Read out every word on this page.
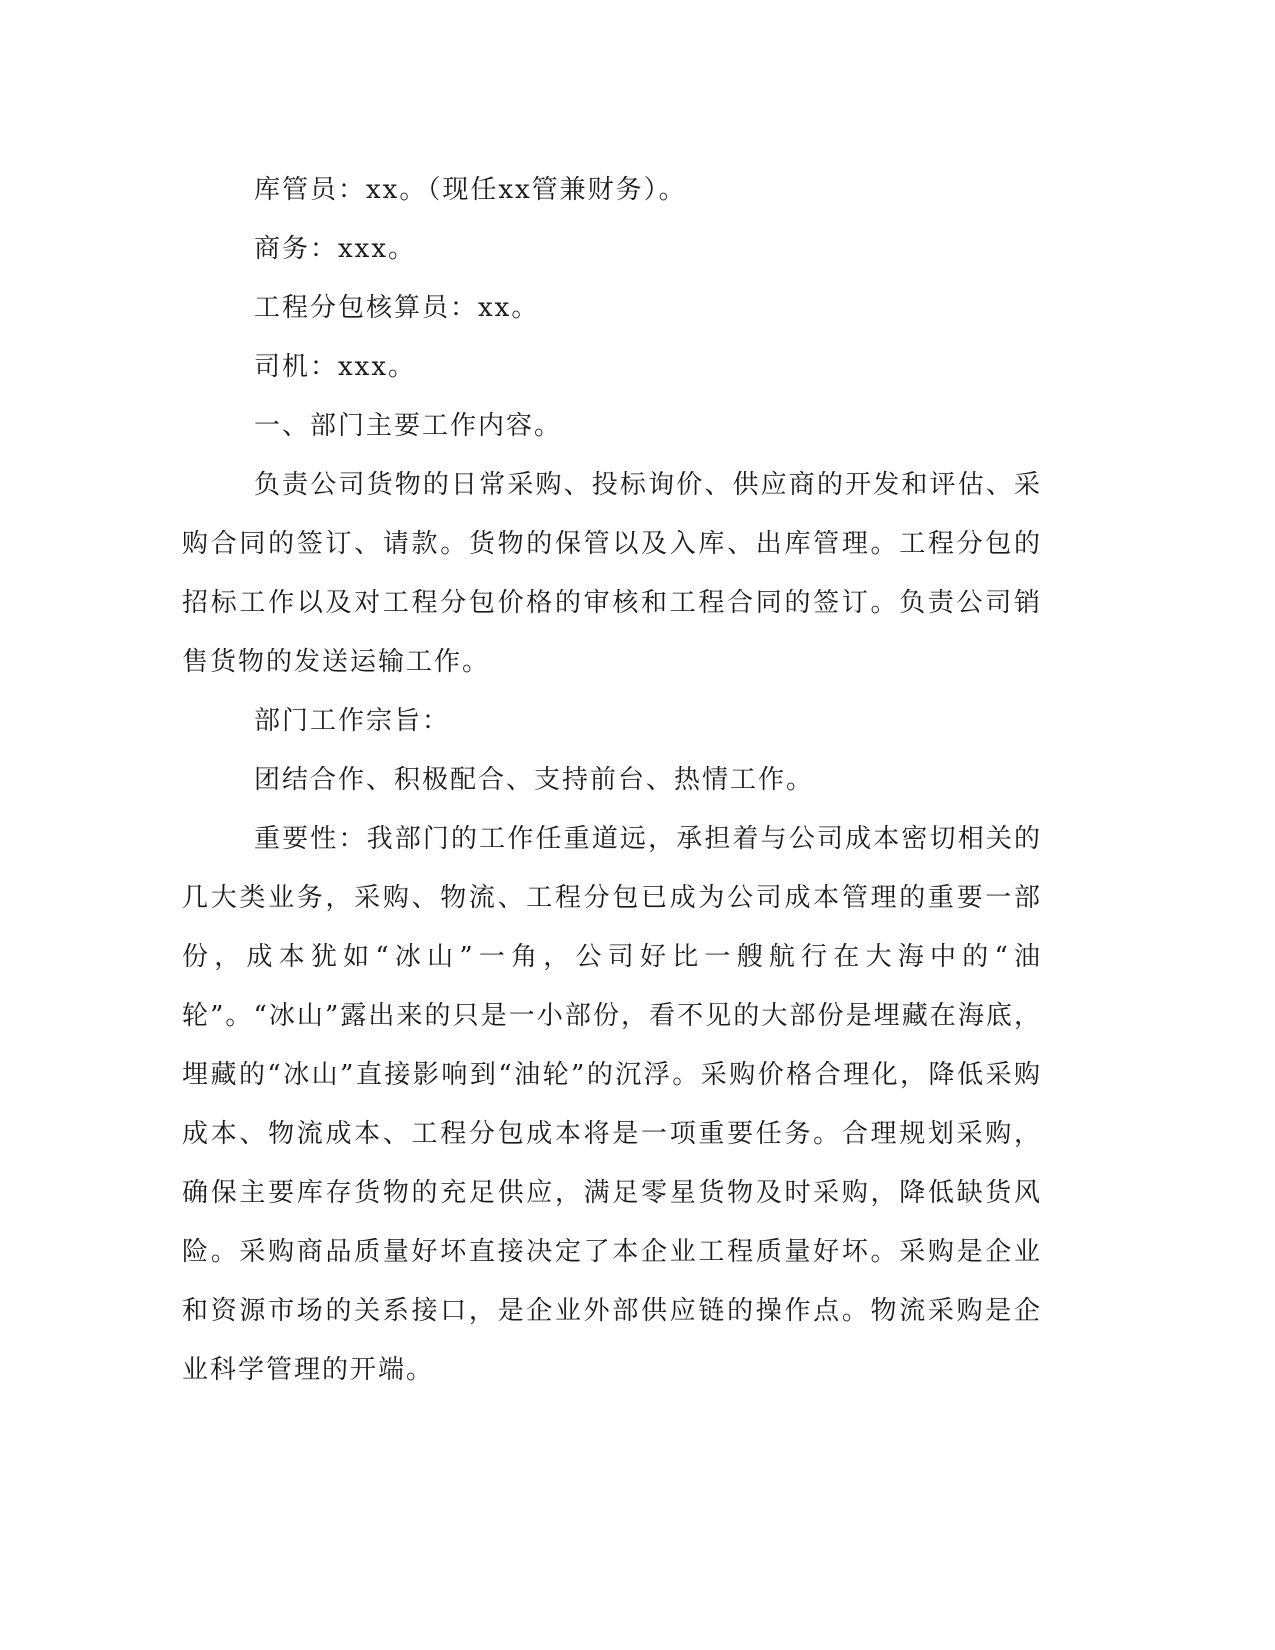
库管员：xx。（现任xx管兼财务）。

商务：xxx。

工程分包核算员：xx。

司机：xxx。

一、部门主要工作内容。

负责公司货物的日常采购、投标询价、供应商的开发和评估、采购合同的签订、请款。货物的保管以及入库、出库管理。工程分包的招标工作以及对工程分包价格的审核和工程合同的签订。负责公司销售货物的发送运输工作。

部门工作宗旨：

团结合作、积极配合、支持前台、热情工作。

重要性：我部门的工作任重道远，承担着与公司成本密切相关的几大类业务，采购、物流、工程分包已成为公司成本管理的重要一部份，成本犹如“冰山”一角，公司好比一艘航行在大海中的“油轮”。“冰山”露出来的只是一小部份，看不见的大部份是埋藏在海底，埋藏的“冰山”直接影响到“油轮”的沉浮。采购价格合理化，降低采购成本、物流成本、工程分包成本将是一项重要任务。合理规划采购，确保主要库存货物的充足供应，满足零星货物及时采购，降低缺货风险。采购商品质量好坏直接决定了本企业工程质量好坏。采购是企业和资源市场的关系接口，是企业外部供应链的操作点。物流采购是企业科学管理的开端。
